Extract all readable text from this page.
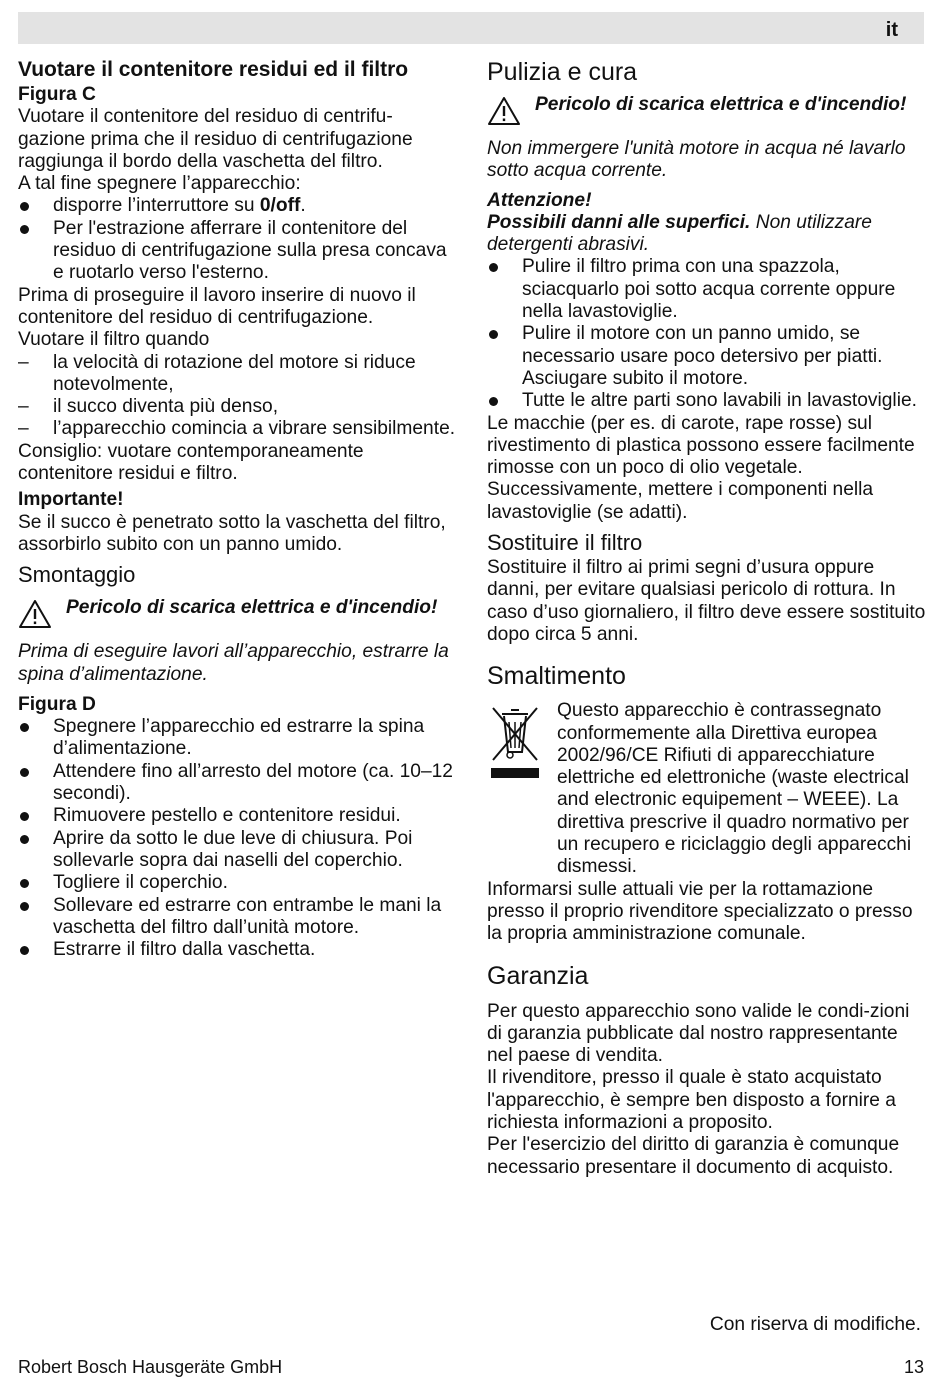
it
Vuotare il contenitore residui ed il filtro
Figura C

Vuotare il contenitore del residuo di centrifu-gazione prima che il residuo di centrifugazione raggiunga il bordo della vaschetta del filtro.

A tal fine spegnere l’apparecchio:

disporre l’interruttore su 0/off.
Per l'estrazione afferrare il contenitore del residuo di centrifugazione sulla presa concava e ruotarlo verso l'esterno.

Prima di proseguire il lavoro inserire di nuovo il contenitore del residuo di centrifugazione.

Vuotare il filtro quando

– la velocità di rotazione del motore si riduce notevolmente,
– il succo diventa più denso,
– l’apparecchio comincia a vibrare sensibilmente.

Consiglio: vuotare contemporaneamente contenitore residui e filtro.

Importante!

Se il succo è penetrato sotto la vaschetta del filtro, assorbirlo subito con un panno umido.

Smontaggio
Pericolo di scarica elettrica e d'incendio!

Prima di eseguire lavori all’apparecchio, estrarre la spina d’alimentazione.

Figura D
Spegnere l’apparecchio ed estrarre la spina d’alimentazione.
Attendere fino all’arresto del motore (ca. 10–12 secondi).
Rimuovere pestello e contenitore residui.
Aprire da sotto le due leve di chiusura. Poi sollevarle sopra dai naselli del coperchio.
Togliere il coperchio.
Sollevare ed estrarre con entrambe le mani la vaschetta del filtro dall’unità motore.
Estrarre il filtro dalla vaschetta.
Pulizia e cura
Pericolo di scarica elettrica e d'incendio!

Non immergere l'unità motore in acqua né lavarlo sotto acqua corrente.

Attenzione!

Possibili danni alle superfici. Non utilizzare detergenti abrasivi.

Pulire il filtro prima con una spazzola, sciacquarlo poi sotto acqua corrente oppure nella lavastoviglie.
Pulire il motore con un panno umido, se necessario usare poco detersivo per piatti. Asciugare subito il motore.
Tutte le altre parti sono lavabili in lavastoviglie.

Le macchie (per es. di carote, rape rosse) sul rivestimento di plastica possono essere facilmente rimosse con un poco di olio vegetale. Successivamente, mettere i componenti nella lavastoviglie (se adatti).

Sostituire il filtro

Sostituire il filtro ai primi segni d’usura oppure danni, per evitare qualsiasi pericolo di rottura. In caso d’uso giornaliero, il filtro deve essere sostituito dopo circa 5 anni.

Smaltimento

Questo apparecchio è contrassegnato conformemente alla Direttiva europea 2002/96/CE Rifiuti di apparecchiature elettriche ed elettroniche (waste electrical and electronic equipement – WEEE). La direttiva prescrive il quadro normativo per un recupero e riciclaggio degli apparecchi dismessi.

Informarsi sulle attuali vie per la rottamazione presso il proprio rivenditore specializzato o presso la propria amministrazione comunale.

Garanzia

Per questo apparecchio sono valide le condi-zioni di garanzia pubblicate dal nostro rappresentante nel paese di vendita.

Il rivenditore, presso il quale è stato acquistato l'apparecchio, è sempre ben disposto a fornire a richiesta informazioni a proposito.

Per l'esercizio del diritto di garanzia è comunque necessario presentare il documento di acquisto.

Con riserva di modifiche.
Robert Bosch Hausgeräte GmbH	13
